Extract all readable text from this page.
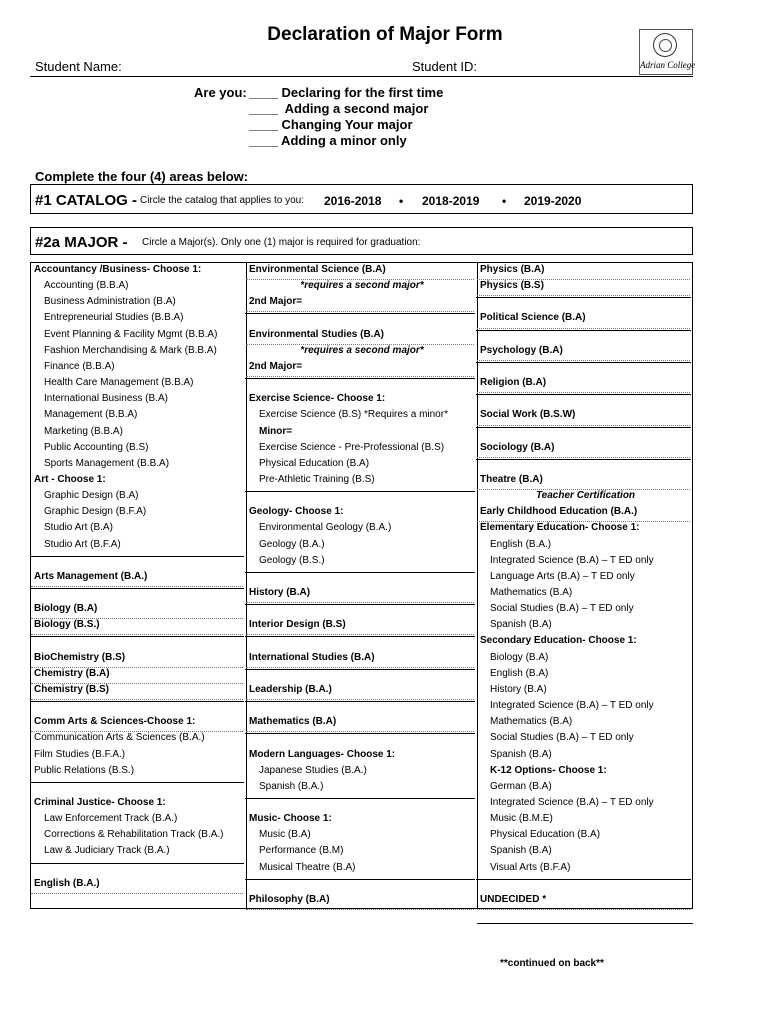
Declaration of Major Form
Adrian College
Student Name:	Student ID:
Are you: ____ Declaring for the first time
____  Adding a second major
____ Changing Your major
____ Adding a minor only
Complete the four (4) areas below:
#1 CATALOG - Circle the catalog that applies to you: 2016-2018 • 2018-2019 • 2019-2020
#2a MAJOR - Circle a Major(s). Only one (1) major is required for graduation:
Accountancy /Business- Choose 1:
Accounting (B.B.A)
Business Administration (B.A)
Entrepreneurial Studies (B.B.A)
Event Planning & Facility Mgmt (B.B.A)
Fashion Merchandising & Mark (B.B.A)
Finance (B.B.A)
Health Care Management (B.B.A)
International Business (B.A)
Management (B.B.A)
Marketing (B.B.A)
Public Accounting (B.S)
Sports Management (B.B.A)
Art - Choose 1:
Graphic Design (B.A)
Graphic Design (B.F.A)
Studio Art (B.A)
Studio Art (B.F.A)
Arts Management (B.A.)
Biology (B.A)
Biology (B.S.)
BioChemistry (B.S)
Chemistry (B.A)
Chemistry (B.S)
Comm Arts & Sciences-Choose 1:
Communication Arts & Sciences (B.A.)
Film Studies (B.F.A.)
Public Relations (B.S.)
Criminal Justice- Choose 1:
Law Enforcement Track (B.A.)
Corrections & Rehabilitation Track (B.A.)
Law & Judiciary Track (B.A.)
English (B.A.)
Environmental Science (B.A)
*requires a second major*
2nd Major=
Environmental Studies (B.A)
*requires a second major*
2nd Major=
Exercise Science- Choose 1:
Exercise Science (B.S) *Requires a minor*
Minor=
Exercise Science - Pre-Professional (B.S)
Physical Education (B.A)
Pre-Athletic Training (B.S)
Geology- Choose 1:
Environmental Geology (B.A.)
Geology (B.A.)
Geology (B.S.)
History (B.A)
Interior Design (B.S)
International Studies (B.A)
Leadership (B.A.)
Mathematics (B.A)
Modern Languages- Choose 1:
Japanese Studies (B.A.)
Spanish (B.A.)
Music- Choose 1:
Music (B.A)
Performance (B.M)
Musical Theatre (B.A)
Philosophy (B.A)
Physics (B.A)
Physics (B.S)
Political Science (B.A)
Psychology (B.A)
Religion (B.A)
Social Work (B.S.W)
Sociology (B.A)
Theatre (B.A)
Teacher Certification
Early Childhood Education (B.A.)
Elementary Education- Choose 1:
English (B.A.)
Integrated Science (B.A) – T ED only
Language Arts (B.A) – T ED only
Mathematics (B.A)
Social Studies (B.A) – T ED only
Spanish (B.A)
Secondary Education- Choose 1:
Biology (B.A)
English (B.A)
History (B.A)
Integrated Science (B.A) – T ED only
Mathematics (B.A)
Social Studies (B.A) – T ED only
Spanish (B.A)
K-12 Options- Choose 1:
German (B.A)
Integrated Science (B.A) – T ED only
Music (B.M.E)
Physical Education (B.A)
Spanish (B.A)
Visual Arts (B.F.A)
UNDECIDED *
**continued on back**
